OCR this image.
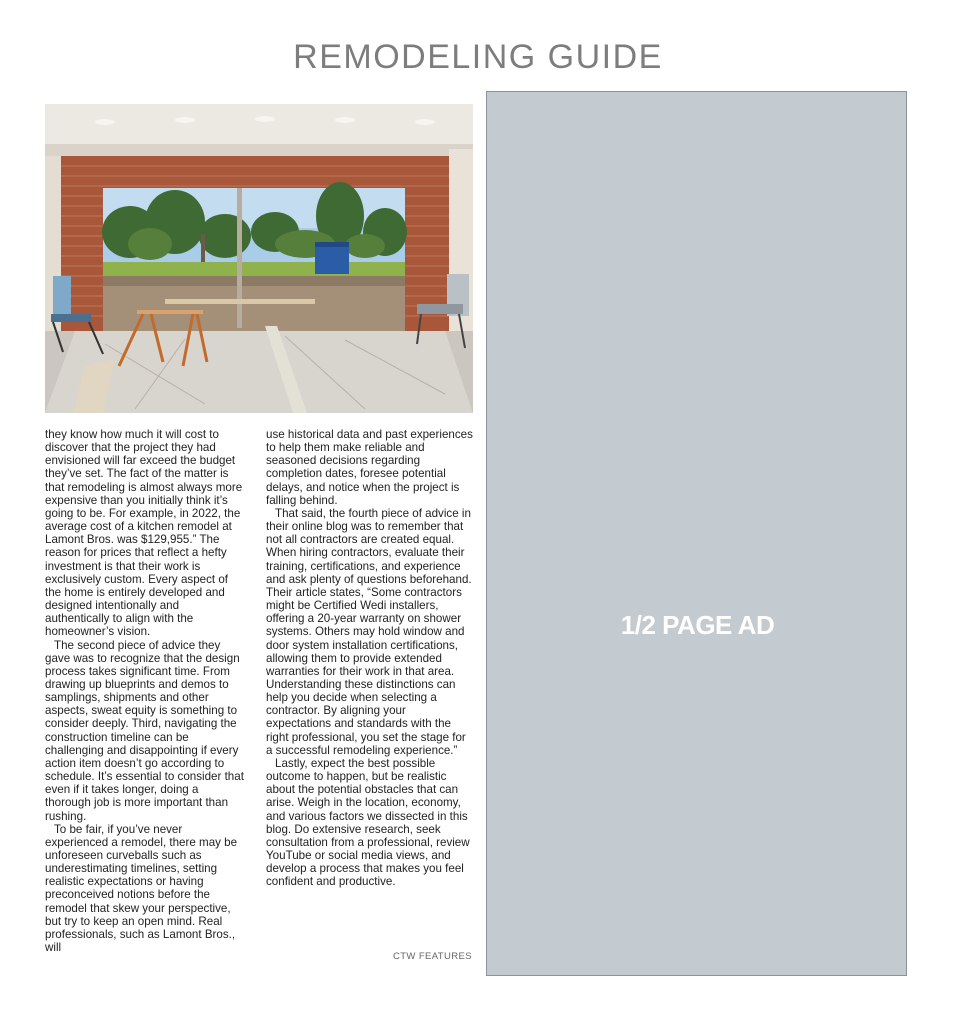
REMODELING GUIDE

they know how much it will cost to discover that the project they had envisioned will far exceed the budget they’ve set. The fact of the matter is that remodeling is almost always more expensive than you initially think it’s going to be. For example, in 2022, the average cost of a kitchen remodel at Lamont Bros. was $129,955.” The reason for prices that reflect a hefty investment is that their work is exclusively custom. Every aspect of the home is entirely developed and designed intentionally and authentically to align with the homeowner’s vision.

The second piece of advice they gave was to recognize that the design process takes significant time. From drawing up blueprints and demos to samplings, shipments and other aspects, sweat equity is something to consider deeply. Third, navigating the construction timeline can be challenging and disappointing if every action item doesn’t go according to schedule. It’s essential to consider that even if it takes longer, doing a thorough job is more important than rushing.

To be fair, if you’ve never experienced a remodel, there may be unforeseen curveballs such as underestimating timelines, setting realistic expectations or having preconceived notions before the remodel that skew your perspective, but try to keep an open mind. Real professionals, such as Lamont Bros., will

use historical data and past experiences to help them make reliable and seasoned decisions regarding completion dates, foresee potential delays, and notice when the project is falling behind.

That said, the fourth piece of advice in their online blog was to remember that not all contractors are created equal. When hiring contractors, evaluate their training, certifications, and experience and ask plenty of questions beforehand. Their article states, “Some contractors might be Certified Wedi installers, offering a 20-year warranty on shower systems. Others may hold window and door system installation certifications, allowing them to provide extended warranties for their work in that area. Understanding these distinctions can help you decide when selecting a contractor. By aligning your expectations and standards with the right professional, you set the stage for a successful remodeling experience.”

Lastly, expect the best possible outcome to happen, but be realistic about the potential obstacles that can arise. Weigh in the location, economy, and various factors we dissected in this blog. Do extensive research, seek consultation from a professional, review YouTube or social media views, and develop a process that makes you feel confident and productive.

CTW FEATURES
1/2 PAGE AD
